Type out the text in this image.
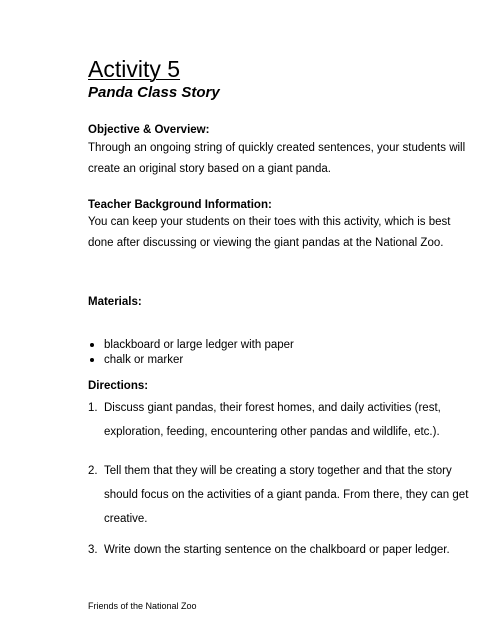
Activity 5
Panda Class Story

Objective & Overview:

Through an ongoing string of quickly created sentences, your students will create an original story based on a giant panda.

Teacher Background Information:

You can keep your students on their toes with this activity, which is best done after discussing or viewing the giant pandas at the National Zoo.

Materials:

blackboard or large ledger with paper
chalk or marker

Directions:

1. Discuss giant pandas, their forest homes, and daily activities (rest, exploration, feeding, encountering other pandas and wildlife, etc.).
2. Tell them that they will be creating a story together and that the story should focus on the activities of a giant panda. From there, they can get creative.
3. Write down the starting sentence on the chalkboard or paper ledger.

Friends of the National Zoo
